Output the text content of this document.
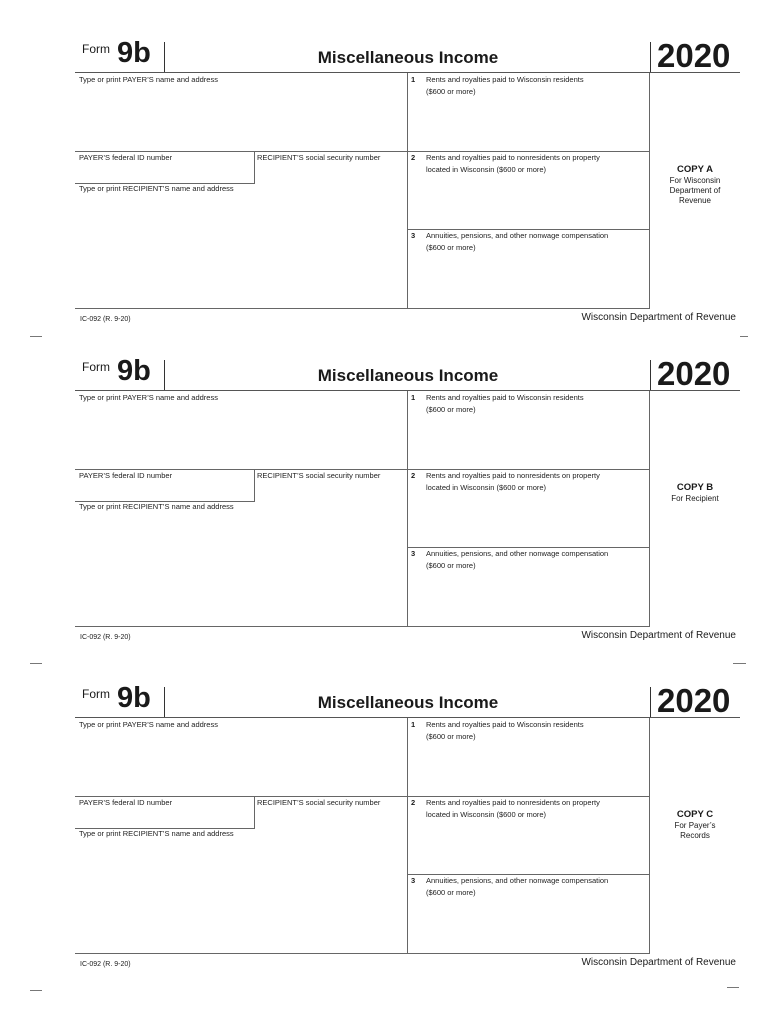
Form 9b	Miscellaneous Income	2020
Type or print PAYER’S name and address
PAYER’S federal ID number	RECIPIENT’S social security number
Type or print RECIPIENT’S name and address
1 Rents and royalties paid to Wisconsin residents
($600 or more)
2 Rents and royalties paid to nonresidents on property
located in Wisconsin ($600 or more)
3 Annuities, pensions, and other nonwage compensation
($600 or more)
COPY A
For Wisconsin
Department of
Revenue
IC-092 (R. 9-20)	Wisconsin Department of Revenue
Form 9b	Miscellaneous Income	2020
Type or print PAYER’S name and address
PAYER’S federal ID number	RECIPIENT’S social security number
Type or print RECIPIENT’S name and address
1 Rents and royalties paid to Wisconsin residents
($600 or more)
2 Rents and royalties paid to nonresidents on property
located in Wisconsin ($600 or more)
3 Annuities, pensions, and other nonwage compensation
($600 or more)
COPY B
For Recipient
IC-092 (R. 9-20)	Wisconsin Department of Revenue
Form 9b	Miscellaneous Income	2020
Type or print PAYER’S name and address
PAYER’S federal ID number	RECIPIENT’S social security number
Type or print RECIPIENT’S name and address
1 Rents and royalties paid to Wisconsin residents
($600 or more)
2 Rents and royalties paid to nonresidents on property
located in Wisconsin ($600 or more)
3 Annuities, pensions, and other nonwage compensation
($600 or more)
COPY C
For Payer’s
Records
IC-092 (R. 9-20)	Wisconsin Department of Revenue
